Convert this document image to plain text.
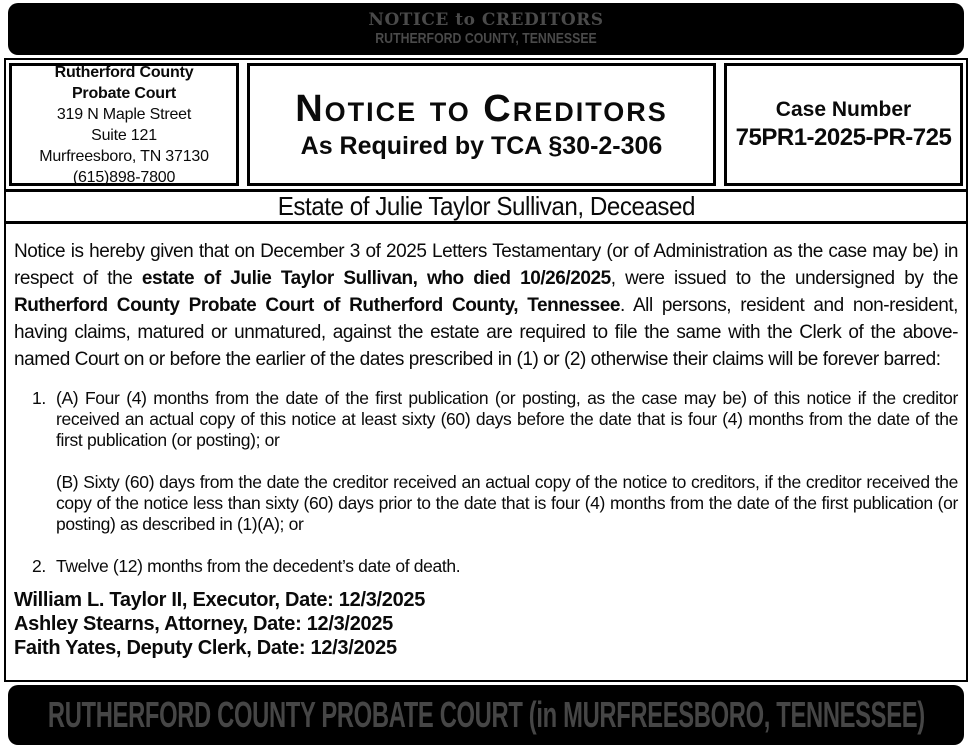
NOTICE to CREDITORS
RUTHERFORD COUNTY, TENNESSEE
Rutherford County
Probate Court
319 N Maple Street
Suite 121
Murfreesboro, TN 37130
(615)898-7800
Notice to Creditors
As Required by TCA §30-2-306
Case Number
75PR1-2025-PR-725
Estate of Julie Taylor Sullivan, Deceased
Notice is hereby given that on December 3 of 2025 Letters Testamentary (or of Administration as the case may be) in respect of the estate of Julie Taylor Sullivan, who died 10/26/2025, were issued to the undersigned by the Rutherford County Probate Court of Rutherford County, Tennessee. All persons, resident and non-resident, having claims, matured or unmatured, against the estate are required to file the same with the Clerk of the above-named Court on or before the earlier of the dates prescribed in (1) or (2) otherwise their claims will be forever barred:
1. (A) Four (4) months from the date of the first publication (or posting, as the case may be) of this notice if the creditor received an actual copy of this notice at least sixty (60) days before the date that is four (4) months from the date of the first publication (or posting); or
(B) Sixty (60) days from the date the creditor received an actual copy of the notice to creditors, if the creditor received the copy of the notice less than sixty (60) days prior to the date that is four (4) months from the date of the first publication (or posting) as described in (1)(A); or
2. Twelve (12) months from the decedent’s date of death.
William L. Taylor II, Executor, Date: 12/3/2025
Ashley Stearns, Attorney, Date: 12/3/2025
Faith Yates, Deputy Clerk, Date: 12/3/2025
RUTHERFORD COUNTY PROBATE COURT (in MURFREESBORO, TENNESSEE)
